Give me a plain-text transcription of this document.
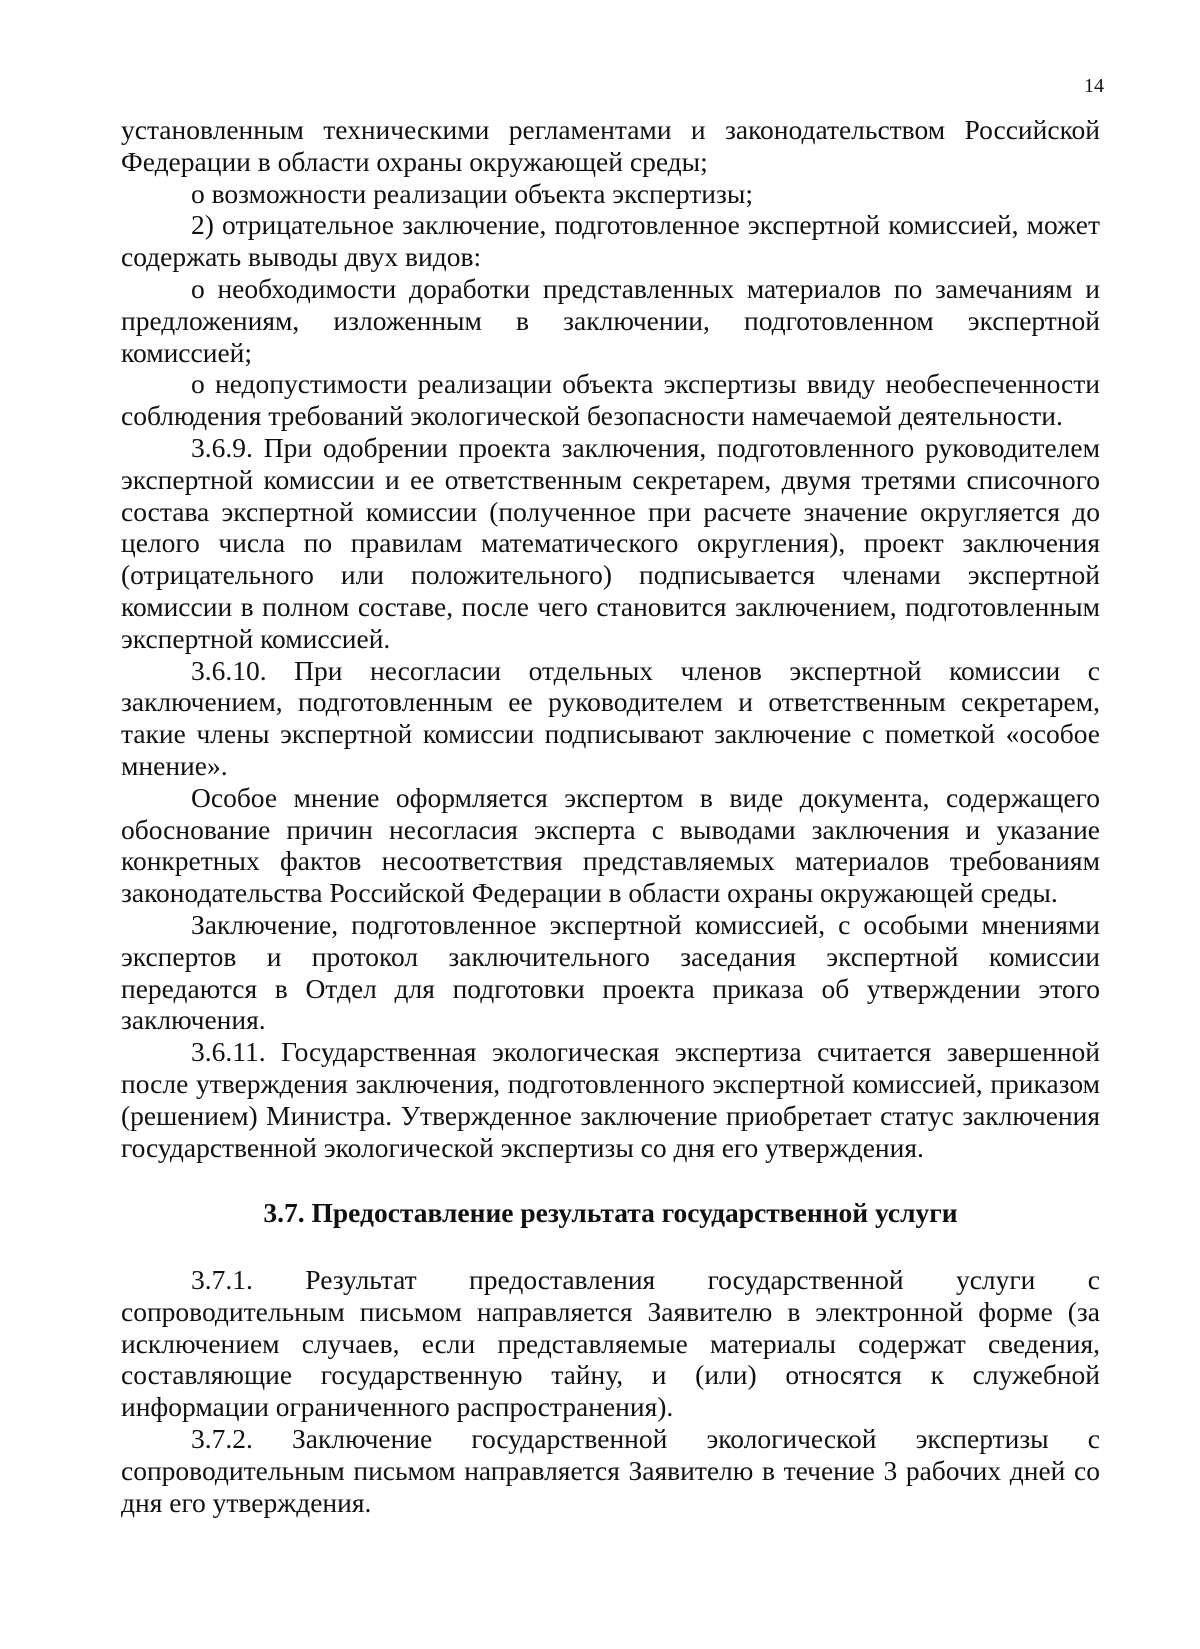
14

установленным техническими регламентами и законодательством Российской Федерации в области охраны окружающей среды;

о возможности реализации объекта экспертизы;

2) отрицательное заключение, подготовленное экспертной комиссией, может содержать выводы двух видов:

о необходимости доработки представленных материалов по замечаниям и предложениям, изложенным в заключении, подготовленном экспертной комиссией;

о недопустимости реализации объекта экспертизы ввиду необеспеченности соблюдения требований экологической безопасности намечаемой деятельности.

3.6.9. При одобрении проекта заключения, подготовленного руководителем экспертной комиссии и ее ответственным секретарем, двумя третями списочного состава экспертной комиссии (полученное при расчете значение округляется до целого числа по правилам математического округления), проект заключения (отрицательного или положительного) подписывается членами экспертной комиссии в полном составе, после чего становится заключением, подготовленным экспертной комиссией.

3.6.10. При несогласии отдельных членов экспертной комиссии с заключением, подготовленным ее руководителем и ответственным секретарем, такие члены экспертной комиссии подписывают заключение с пометкой «особое мнение».

Особое мнение оформляется экспертом в виде документа, содержащего обоснование причин несогласия эксперта с выводами заключения и указание конкретных фактов несоответствия представляемых материалов требованиям законодательства Российской Федерации в области охраны окружающей среды.

Заключение, подготовленное экспертной комиссией, с особыми мнениями экспертов и протокол заключительного заседания экспертной комиссии передаются в Отдел для подготовки проекта приказа об утверждении этого заключения.

3.6.11. Государственная экологическая экспертиза считается завершенной после утверждения заключения, подготовленного экспертной комиссией, приказом (решением) Министра. Утвержденное заключение приобретает статус заключения государственной экологической экспертизы со дня его утверждения.

3.7. Предоставление результата государственной услуги

3.7.1. Результат предоставления государственной услуги с сопроводительным письмом направляется Заявителю в электронной форме (за исключением случаев, если представляемые материалы содержат сведения, составляющие государственную тайну, и (или) относятся к служебной информации ограниченного распространения).

3.7.2. Заключение государственной экологической экспертизы с сопроводительным письмом направляется Заявителю в течение 3 рабочих дней со дня его утверждения.
